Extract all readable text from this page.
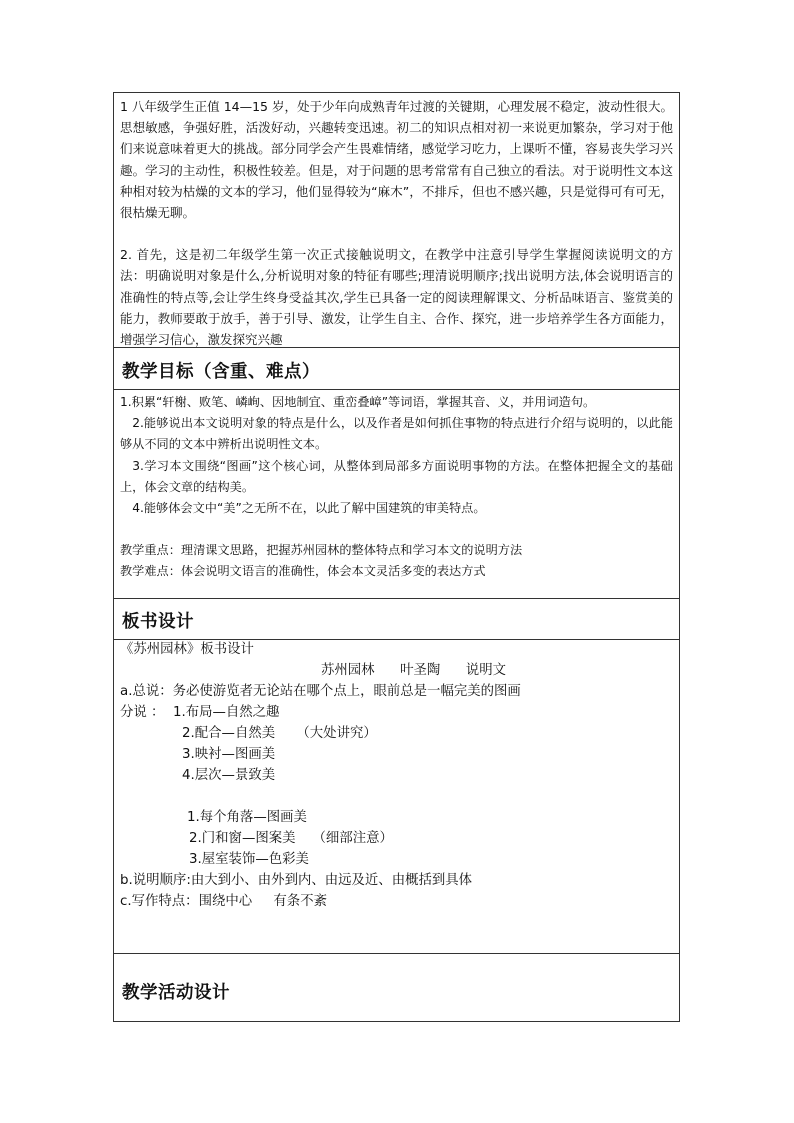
1 八年级学生正值 14—15 岁，处于少年向成熟青年过渡的关键期，心理发展不稳定，波动性很大。思想敏感，争强好胜，活泼好动，兴趣转变迅速。初二的知识点相对初一来说更加繁杂，学习对于他们来说意味着更大的挑战。部分同学会产生畏难情绪，感觉学习吃力，上课听不懂，容易丧失学习兴趣。学习的主动性，积极性较差。但是，对于问题的思考常常有自己独立的看法。对于说明性文本这种相对较为枯燥的文本的学习，他们显得较为“麻木”，不排斥，但也不感兴趣，只是觉得可有可无，很枯燥无聊。

2. 首先，这是初二年级学生第一次正式接触说明文，在教学中注意引导学生掌握阅读说明文的方法：明确说明对象是什么,分析说明对象的特征有哪些;理清说明顺序;找出说明方法,体会说明语言的准确性的特点等,会让学生终身受益其次,学生已具备一定的阅读理解课文、分析品味语言、鉴赏美的能力，教师要敢于放手，善于引导、激发，让学生自主、合作、探究，进一步培养学生各方面能力，增强学习信心，激发探究兴趣

教学目标（含重、难点）

1.积累“轩榭、败笔、嶙峋、因地制宜、重峦叠嶂”等词语，掌握其音、义，并用词造句。

2.能够说出本文说明对象的特点是什么，以及作者是如何抓住事物的特点进行介绍与说明的，以此能够从不同的文本中辨析出说明性文本。

3.学习本文围绕“图画”这个核心词，从整体到局部多方面说明事物的方法。在整体把握全文的基础上，体会文章的结构美。

4.能够体会文中“美”之无所不在，以此了解中国建筑的审美特点。

教学重点：理清课文思路，把握苏州园林的整体特点和学习本文的说明方法

教学难点：体会说明文语言的准确性，体会本文灵活多变的表达方式

板书设计
《苏州园林》板书设计
苏州园林      叶圣陶      说明文
a.总说：务必使游览者无论站在哪个点上，眼前总是一幅完美的图画
分说 ：  1.布局—自然之趣
2.配合—自然美     （大处讲究）
3.映衬—图画美
4.层次—景致美
1.每个角落—图画美
2.门和窗—图案美    （细部注意）
3.屋室装饰—色彩美
b.说明顺序:由大到小、由外到内、由远及近、由概括到具体
c.写作特点：围绕中心     有条不紊
教学活动设计
